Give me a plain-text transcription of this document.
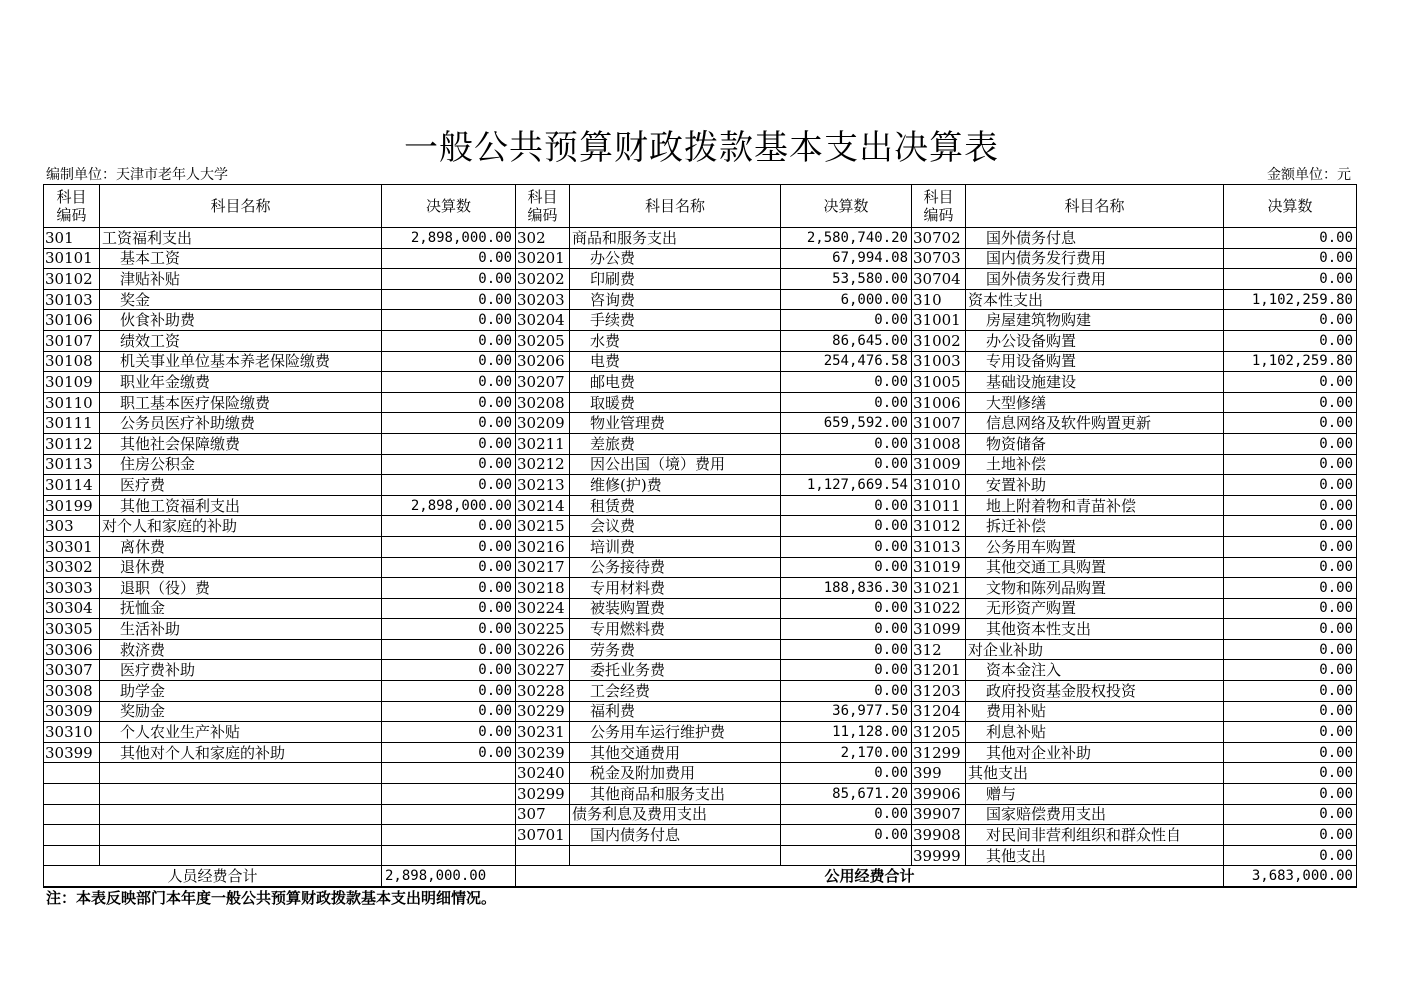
一般公共预算财政拨款基本支出决算表
编制单位：天津市老年人大学	金额单位：元
科目编码	科目名称	决算数	科目编码	科目名称	决算数	科目编码	科目名称	决算数
301	工资福利支出	2,898,000.00	302	商品和服务支出	2,580,740.20	30702	国外债务付息	0.00
30101	基本工资	0.00	30201	办公费	67,994.08	30703	国内债务发行费用	0.00
30102	津贴补贴	0.00	30202	印刷费	53,580.00	30704	国外债务发行费用	0.00
30103	奖金	0.00	30203	咨询费	6,000.00	310	资本性支出	1,102,259.80
30106	伙食补助费	0.00	30204	手续费	0.00	31001	房屋建筑物购建	0.00
30107	绩效工资	0.00	30205	水费	86,645.00	31002	办公设备购置	0.00
30108	机关事业单位基本养老保险缴费	0.00	30206	电费	254,476.58	31003	专用设备购置	1,102,259.80
30109	职业年金缴费	0.00	30207	邮电费	0.00	31005	基础设施建设	0.00
30110	职工基本医疗保险缴费	0.00	30208	取暖费	0.00	31006	大型修缮	0.00
30111	公务员医疗补助缴费	0.00	30209	物业管理费	659,592.00	31007	信息网络及软件购置更新	0.00
30112	其他社会保障缴费	0.00	30211	差旅费	0.00	31008	物资储备	0.00
30113	住房公积金	0.00	30212	因公出国（境）费用	0.00	31009	土地补偿	0.00
30114	医疗费	0.00	30213	维修(护)费	1,127,669.54	31010	安置补助	0.00
30199	其他工资福利支出	2,898,000.00	30214	租赁费	0.00	31011	地上附着物和青苗补偿	0.00
303	对个人和家庭的补助	0.00	30215	会议费	0.00	31012	拆迁补偿	0.00
30301	离休费	0.00	30216	培训费	0.00	31013	公务用车购置	0.00
30302	退休费	0.00	30217	公务接待费	0.00	31019	其他交通工具购置	0.00
30303	退职（役）费	0.00	30218	专用材料费	188,836.30	31021	文物和陈列品购置	0.00
30304	抚恤金	0.00	30224	被装购置费	0.00	31022	无形资产购置	0.00
30305	生活补助	0.00	30225	专用燃料费	0.00	31099	其他资本性支出	0.00
30306	救济费	0.00	30226	劳务费	0.00	312	对企业补助	0.00
30307	医疗费补助	0.00	30227	委托业务费	0.00	31201	资本金注入	0.00
30308	助学金	0.00	30228	工会经费	0.00	31203	政府投资基金股权投资	0.00
30309	奖励金	0.00	30229	福利费	36,977.50	31204	费用补贴	0.00
30310	个人农业生产补贴	0.00	30231	公务用车运行维护费	11,128.00	31205	利息补贴	0.00
30399	其他对个人和家庭的补助	0.00	30239	其他交通费用	2,170.00	31299	其他对企业补助	0.00
			30240	税金及附加费用	0.00	399	其他支出	0.00
			30299	其他商品和服务支出	85,671.20	39906	赠与	0.00
			307	债务利息及费用支出	0.00	39907	国家赔偿费用支出	0.00
			30701	国内债务付息	0.00	39908	对民间非营利组织和群众性自	0.00
						39999	其他支出	0.00
人员经费合计		2,898,000.00	公用经费合计					3,683,000.00
注：本表反映部门本年度一般公共预算财政拨款基本支出明细情况。
